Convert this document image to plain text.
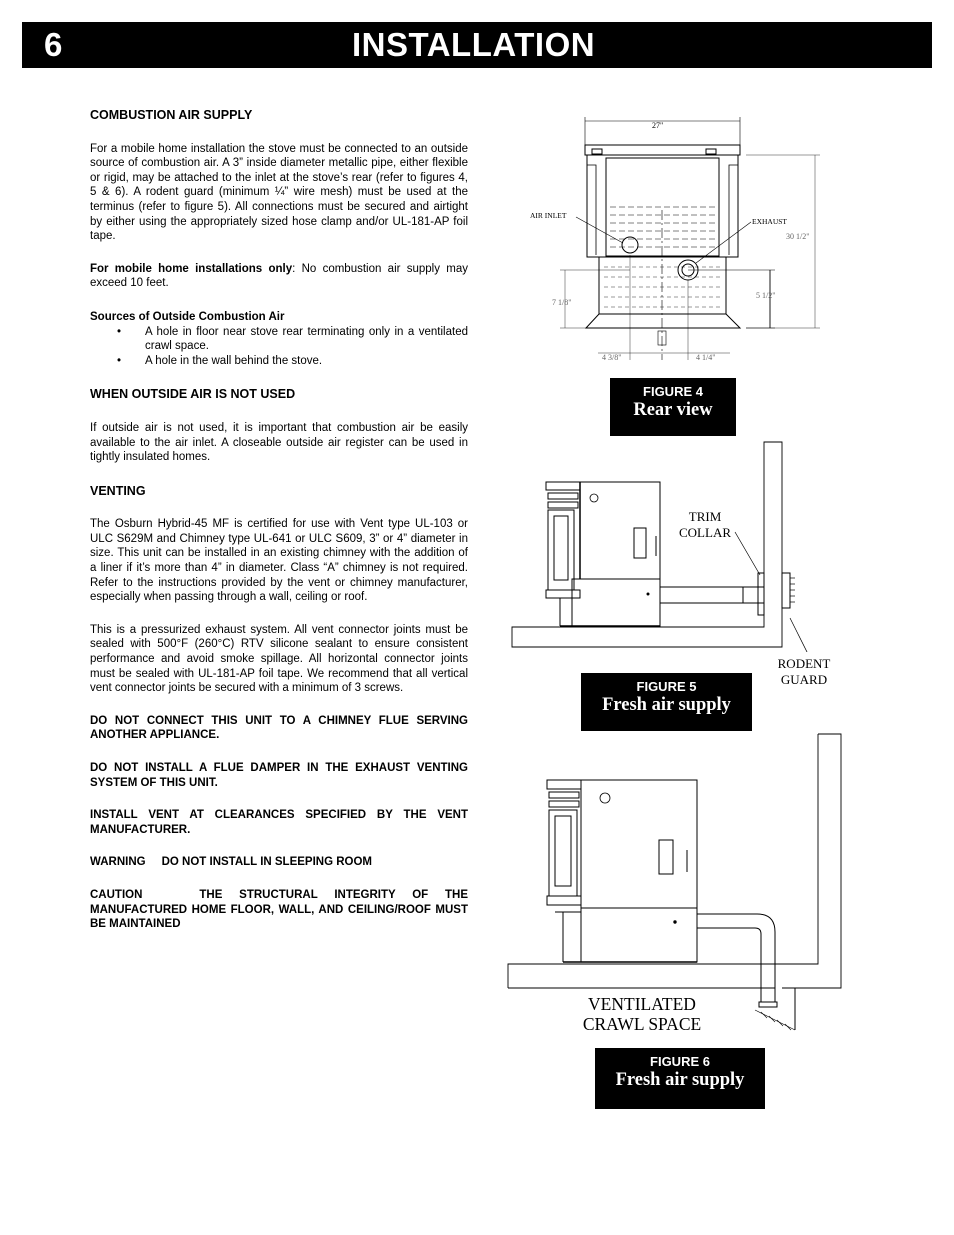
6	INSTALLATION
COMBUSTION AIR SUPPLY

For a mobile home installation the stove must be connected to an outside source of combustion air. A 3” inside diameter metallic pipe, either flexible or rigid, may be attached to the inlet at the stove’s rear (refer to figures 4, 5 & 6). A rodent guard (minimum ¼” wire mesh) must be used at the terminus (refer to figure 5). All connections must be secured and airtight by either using the appropriately sized hose clamp and/or UL-181-AP foil tape.

For mobile home installations only: No combustion air supply may exceed 10 feet.

Sources of Outside Combustion Air

• A hole in floor near stove rear terminating only in a ventilated crawl space.
• A hole in the wall behind the stove.
WHEN OUTSIDE AIR IS NOT USED

If outside air is not used, it is important that combustion air be easily available to the air inlet. A closeable outside air register can be used in tightly insulated homes.

VENTING

The Osburn Hybrid-45 MF is certified for use with Vent type UL-103 or ULC S629M and Chimney type UL-641 or ULC S609, 3” or 4” diameter in size. This unit can be installed in an existing chimney with the addition of a liner if it’s more than 4” in diameter. Class “A” chimney is not required. Refer to the instructions provided by the vent or chimney manufacturer, especially when passing through a wall, ceiling or roof.

This is a pressurized exhaust system. All vent connector joints must be sealed with 500°F (260°C) RTV silicone sealant to ensure consistent performance and avoid smoke spillage. All horizontal connector joints must be sealed with UL-181-AP foil tape. We recommend that all vertical vent connector joints be secured with a minimum of 3 screws.

DO NOT CONNECT THIS UNIT TO A CHIMNEY FLUE SERVING ANOTHER APPLIANCE.

DO NOT INSTALL A FLUE DAMPER IN THE EXHAUST VENTING SYSTEM OF THIS UNIT.

INSTALL VENT AT CLEARANCES SPECIFIED BY THE VENT MANUFACTURER.

WARNING DO NOT INSTALL IN SLEEPING ROOM

CAUTION	THE STRUCTURAL INTEGRITY OF THE MANUFACTURED HOME FLOOR, WALL, AND CEILING/ROOF MUST BE MAINTAINED

27"
30 1/2"
7 1/8"
5 1/2"
4 3/8"	4 1/4"
AIR INLET
EXHAUST
FIGURE 4
Rear view
TRIM
COLLAR
RODENT
GUARD
FIGURE 5
Fresh air supply
VENTILATED
CRAWL SPACE
FIGURE 6
Fresh air supply
